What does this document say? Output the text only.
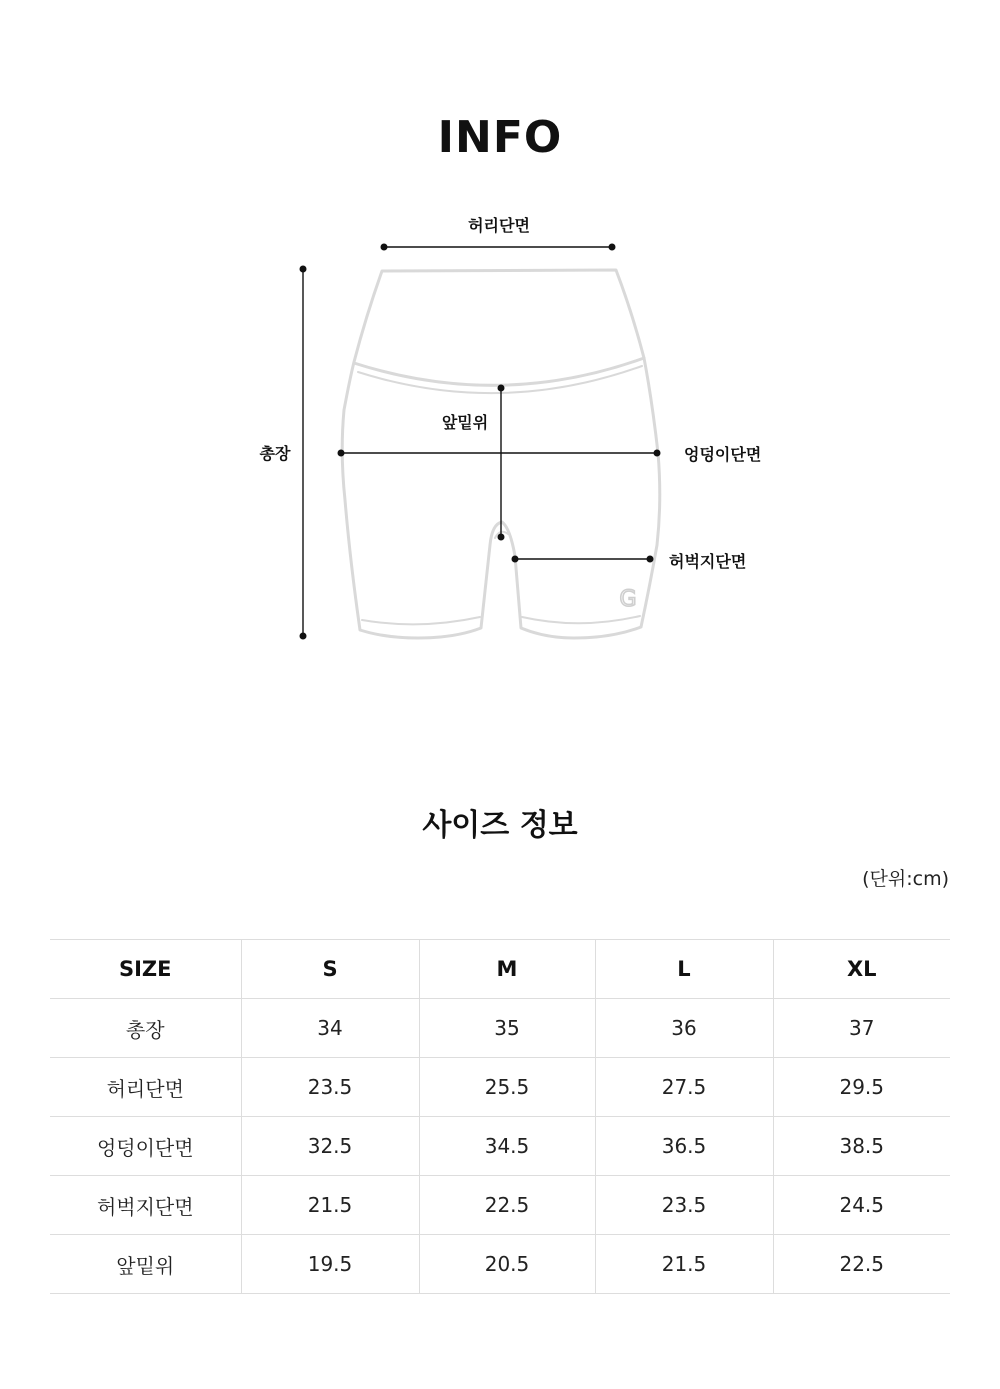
INFO
G
허리단면
총장
앞밑위
엉덩이단면
허벅지단면
사이즈 정보
(단위:cm)
SIZE	S	M	L	XL
총장	34	35	36	37
허리단면	23.5	25.5	27.5	29.5
엉덩이단면	32.5	34.5	36.5	38.5
허벅지단면	21.5	22.5	23.5	24.5
앞밑위	19.5	20.5	21.5	22.5
